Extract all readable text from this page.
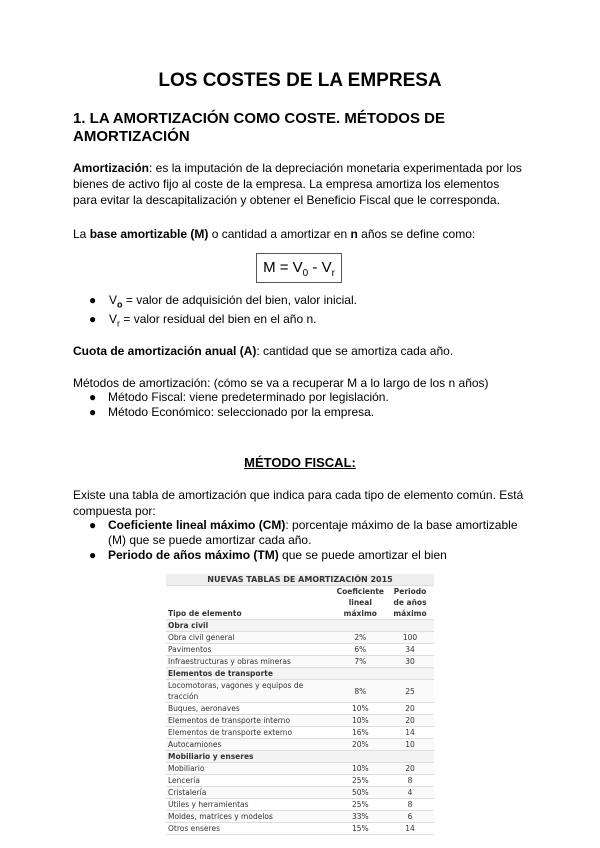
LOS COSTES DE LA EMPRESA
1. LA AMORTIZACIÓN COMO COSTE. MÉTODOS DE
AMORTIZACIÓN

Amortización: es la imputación de la depreciación monetaria experimentada por los
bienes de activo fijo al coste de la empresa. La empresa amortiza los elementos
para evitar la descapitalización y obtener el Beneficio Fiscal que le corresponda.

La base amortizable (M) o cantidad a amortizar en n años se define como:

$M = V_0 - V_r$
● $V_o$ = valor de adquisición del bien, valor inicial.
● $V_r$ = valor residual del bien en el año n.

Cuota de amortización anual (A): cantidad que se amortiza cada año.

Métodos de amortización: (cómo se va a recuperar M a lo largo de los n años)

● Método Fiscal: viene predeterminado por legislación.
● Método Económico: seleccionado por la empresa.
MÉTODO FISCAL:

Existe una tabla de amortización que indica para cada tipo de elemento común. Está
compuesta por:

● Coeficiente lineal máximo (CM): porcentaje máximo de la base amortizable
(M) que se puede amortizar cada año.
● Periodo de años máximo (TM) que se puede amortizar el bien
NUEVAS TABLAS DE AMORTIZACIÓN 2015		
Tipo de elemento	Coeficiente lineal máximo	Periodo de años máximo
Obra civil		
Obra civil general	2%	100
Pavimentos	6%	34
Infraestructuras y obras mineras	7%	30
Elementos de transporte		
Locomotoras, vagones y equipos de tracción	8%	25
Buques, aeronaves	10%	20
Elementos de transporte interno	10%	20
Elementos de transporte externo	16%	14
Autocamiones	20%	10
Mobiliario y enseres		
Mobiliario	10%	20
Lencería	25%	8
Cristalería	50%	4
Útiles y herramientas	25%	8
Moldes, matrices y modelos	33%	6
Otros enseres	15%	14
